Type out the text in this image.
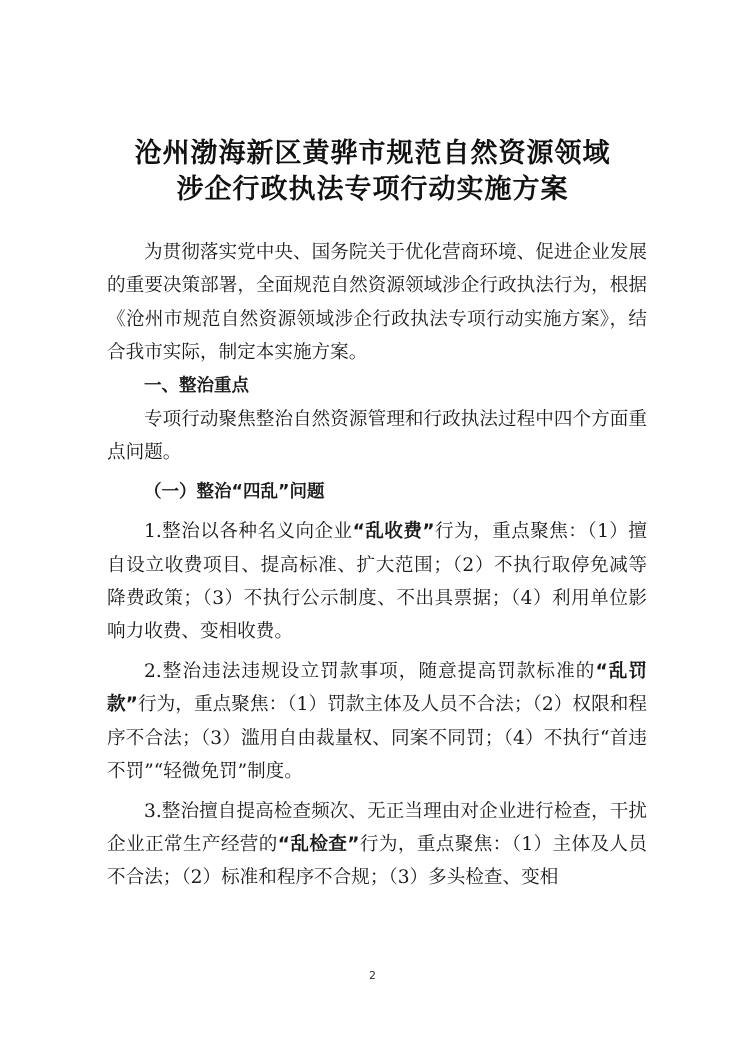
沧州渤海新区黄骅市规范自然资源领域
涉企行政执法专项行动实施方案

为贯彻落实党中央、国务院关于优化营商环境、促进企业发展的重要决策部署，全面规范自然资源领域涉企行政执法行为，根据《沧州市规范自然资源领域涉企行政执法专项行动实施方案》，结合我市实际，制定本实施方案。

一、整治重点

专项行动聚焦整治自然资源管理和行政执法过程中四个方面重点问题。

（一）整治“四乱”问题

1.整治以各种名义向企业“乱收费”行为，重点聚焦：（1）擅自设立收费项目、提高标准、扩大范围；（2）不执行取停免减等降费政策；（3）不执行公示制度、不出具票据；（4）利用单位影响力收费、变相收费。

2.整治违法违规设立罚款事项，随意提高罚款标准的“乱罚款”行为，重点聚焦：（1）罚款主体及人员不合法；（2）权限和程序不合法；（3）滥用自由裁量权、同案不同罚；（4）不执行“首违不罚”“轻微免罚”制度。

3.整治擅自提高检查频次、无正当理由对企业进行检查，干扰企业正常生产经营的“乱检查”行为，重点聚焦：（1）主体及人员不合法；（2）标准和程序不合规；（3）多头检查、变相

2
